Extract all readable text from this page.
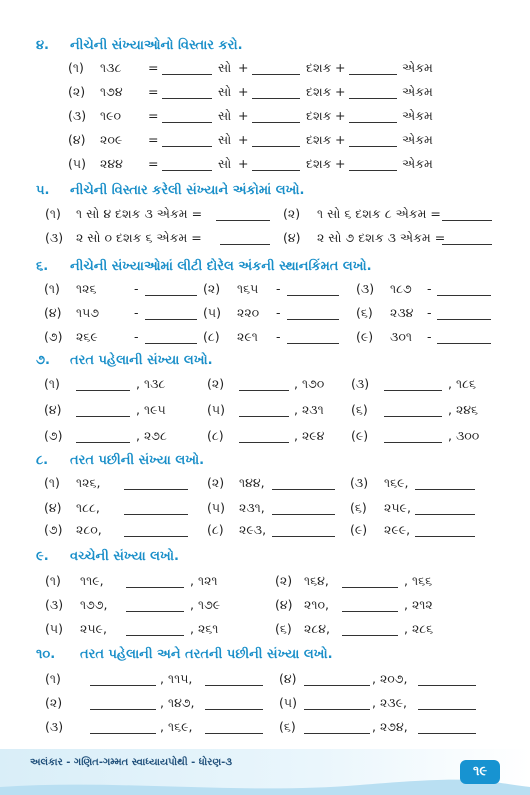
૪. નીચેની સંખ્યાઓનો વિસ્તાર કરો.
(૧) ૧૩૮ =	સો +	દશક +	એકમ
(૨) ૧૭૪ =	સો +	દશક +	એકમ
(૩) ૧૯૦ =	સો +	દશક +	એકમ
(૪) ૨૦૯ =	સો +	દશક +	એકમ
(૫) ૨૪૪ =	સો +	દશક +	એકમ
૫. નીચેની વિસ્તાર કરેલી સંખ્યાને અંકોમાં લખો.
(૧) ૧ સો ૪ દશક ૩ એકમ =	(૨) ૧ સો ૬ દશક ૮ એકમ =
(૩) ૨ સો ૦ દશક ૬ એકમ =	(૪) ૨ સો ૭ દશક ૩ એકમ =
૬. નીચેની સંખ્યાઓમાં લીટી દોરેલ અંકની સ્થાનકિંમત લખો.
(૧) ૧૨૬	-	(૨) ૧૬૫ -	(૩) ૧૮૭ -
(૪) ૧૫૭	-	(૫) ૨૨૦ -	(૬) ૨૩૪ -
(૭) ૨૬૯	-	(૮) ૨૯૧ -	(૯) ૩૦૧ -
૭. તરત પહેલાની સંખ્યા લખો.
(૧)	, ૧૩૮	(૨)	, ૧૭૦ (૩)	, ૧૮૬
(૪)	, ૧૯૫	(૫)	, ૨૩૧ (૬)	, ૨૪૬
(૭)	, ૨૭૮	(૮)	, ૨૯૪ (૯)	, ૩૦૦
૮. તરત પછીની સંખ્યા લખો.
(૧) ૧૨૬,	(૨) ૧૪૪,	(૩) ૧૬૯,
(૪) ૧૮૮,	(૫) ૨૩૧,	(૬) ૨૫૯,
(૭) ૨૮૦,	(૮) ૨૯૩,	(૯) ૨૯૯,
૯. વચ્ચેની સંખ્યા લખો.
(૧) ૧૧૯,	, ૧૨૧	(૨) ૧૬૪,	, ૧૬૬
(૩) ૧૭૭,	, ૧૭૯	(૪) ૨૧૦,	, ૨૧૨
(૫) ૨૫૯,	, ૨૬૧	(૬) ૨૮૪,	, ૨૮૬
૧૦. તરત પહેલાની અને તરતની પછીની સંખ્યા લખો.
(૧)	, ૧૧૫,	(૪)	, ૨૦૭,
(૨)	, ૧૪૭,	(૫)	, ૨૩૯,
(૩)	, ૧૬૯,	(૬)	, ૨૭૪,
અલંકાર - ગણિત-ગમ્મત સ્વાધ્યાયપોથી - ધોરણ-૩
૧૯
